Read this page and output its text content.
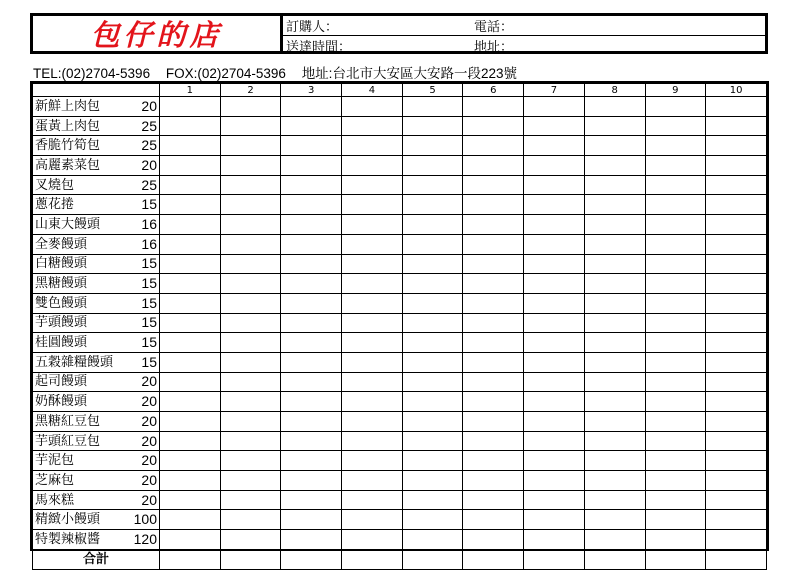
包仔的店	訂購人：	電話：
送達時間：	地址：
TEL:(02)2704-5396 FOX:(02)2704-5396 地址:台北市大安區大安路一段223號
	1	2	3	4	5	6	7	8	9	10

新鮮上肉包 20										

蛋黃上肉包 25										

香脆竹筍包 25										

高麗素菜包 20										

叉燒包 25										

蔥花捲 15										

山東大饅頭 16										

全麥饅頭 16										

白糖饅頭 15										

黑糖饅頭 15										

雙色饅頭 15										

芋頭饅頭 15										

桂圓饅頭 15										

五穀雜糧饅頭 15										

起司饅頭 20										

奶酥饅頭 20										

黑糖紅豆包 20										

芋頭紅豆包 20										

芋泥包 20										

芝麻包 20										

馬來糕 20										

精緻小饅頭 100										

特製辣椒醬 120										

合計										
